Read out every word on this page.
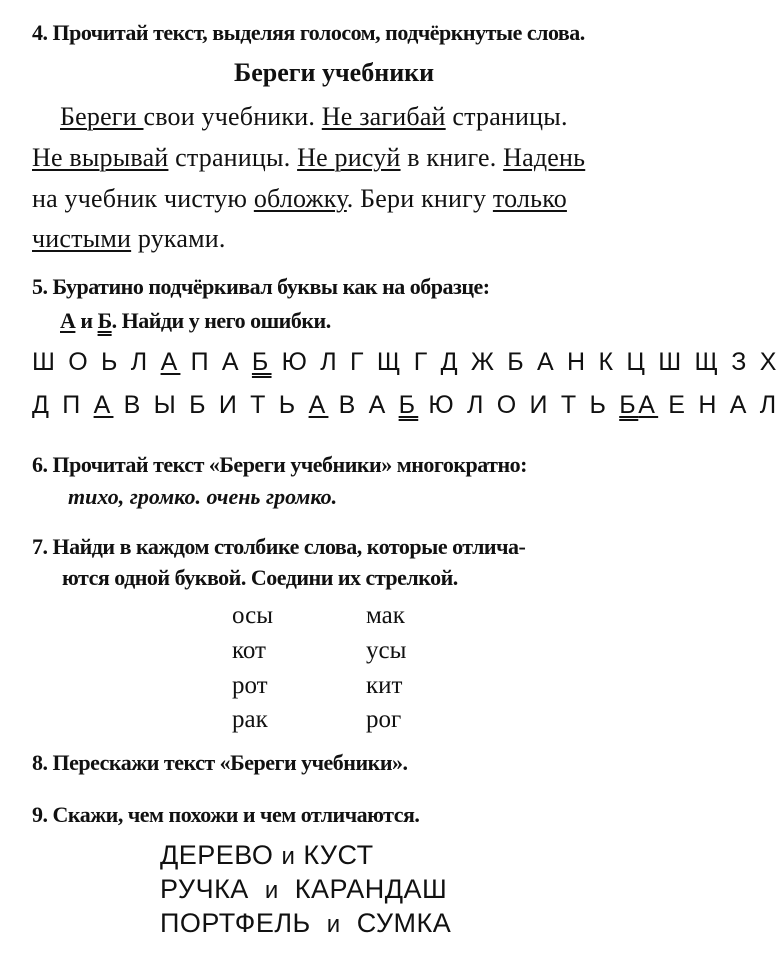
4. Прочитай текст, выделяя голосом, подчёркнутые слова.
Береги учебники
Береги свои учебники. Не загибай страницы.
Не вырывай страницы. Не рисуй в книге. Надень
на учебник чистую обложку. Бери книгу только
чистыми руками.
5. Буратино подчёркивал буквы как на образце:
А и Б. Найди у него ошибки.
Ш О Ь Л А П А Б Ю Л Г Щ Г Д Ж Б А Н К Ц Ш Щ З Х
Д П А В Ы Б И Т Ь А В А Б Ю Л О И Т Ь БА Е Н А Л
6. Прочитай текст «Береги учебники» многократно:
тихо, громко. очень громко.
7. Найди в каждом столбике слова, которые отлича-
ются одной буквой. Соедини их стрелкой.
осы
кот
рот
рак
мак
усы
кит
рог
8. Перескажи текст «Береги учебники».
9. Скажи, чем похожи и чем отличаются.
ДЕРЕВО и КУСТ
РУЧКА и КАРАНДАШ
ПОРТФЕЛЬ и СУМКА
